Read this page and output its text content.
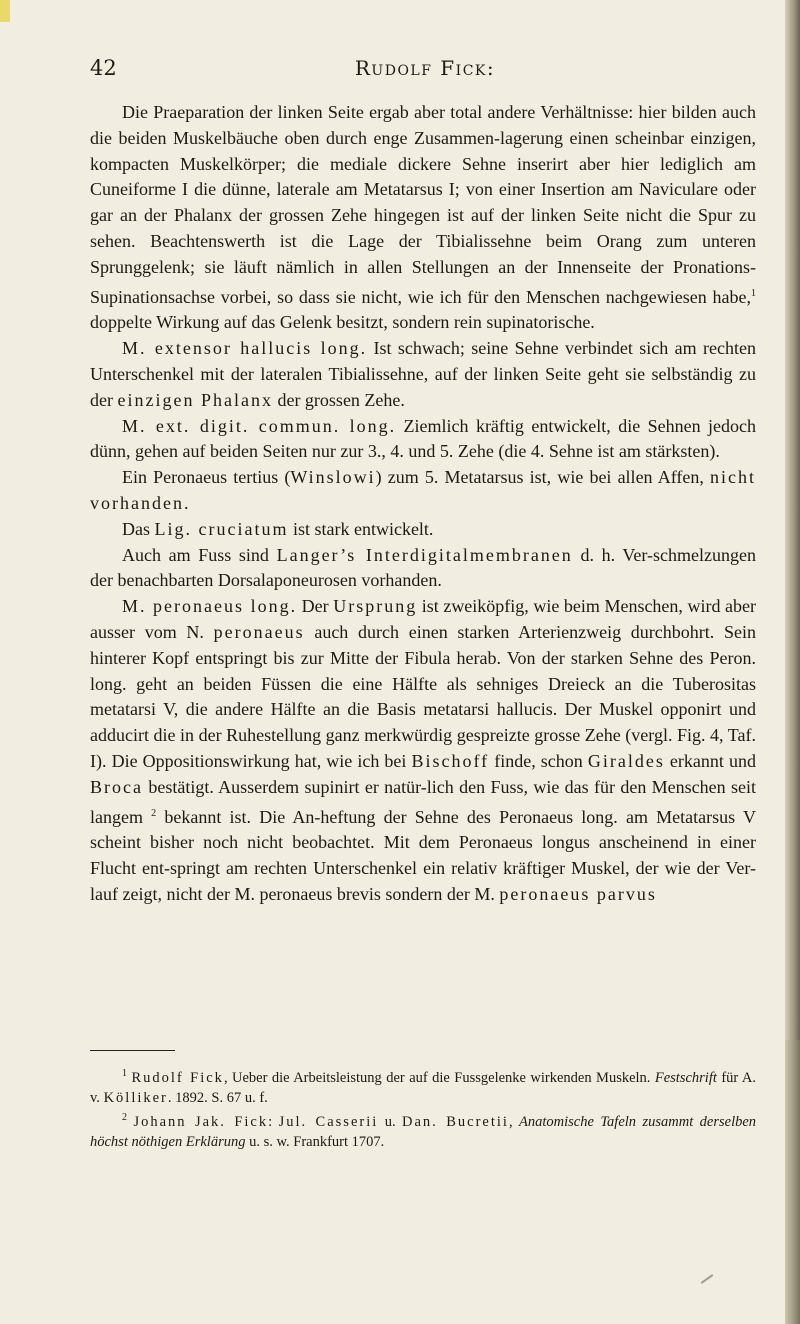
42	Rudolf Fick:

Die Praeparation der linken Seite ergab aber total andere Verhältnisse: hier bilden auch die beiden Muskelbäuche oben durch enge Zusammen-lagerung einen scheinbar einzigen, kompacten Muskelkörper; die mediale dickere Sehne inserirt aber hier lediglich am Cuneiforme I die dünne, laterale am Metatarsus I; von einer Insertion am Naviculare oder gar an der Phalanx der grossen Zehe hingegen ist auf der linken Seite nicht die Spur zu sehen. Beachtenswerth ist die Lage der Tibialissehne beim Orang zum unteren Sprunggelenk; sie läuft nämlich in allen Stellungen an der Innenseite der Pronations-Supinationsachse vorbei, so dass sie nicht, wie ich für den Menschen nachgewiesen habe,$^1$ doppelte Wirkung auf das Gelenk besitzt, sondern rein supinatorische.

M. extensor hallucis long. Ist schwach; seine Sehne verbindet sich am rechten Unterschenkel mit der lateralen Tibialissehne, auf der linken Seite geht sie selbständig zu der einzigen Phalanx der grossen Zehe.

M. ext. digit. commun. long. Ziemlich kräftig entwickelt, die Sehnen jedoch dünn, gehen auf beiden Seiten nur zur 3., 4. und 5. Zehe (die 4. Sehne ist am stärksten).

Ein Peronaeus tertius (Winslowi) zum 5. Metatarsus ist, wie bei allen Affen, nicht vorhanden.

Das Lig. cruciatum ist stark entwickelt.

Auch am Fuss sind Langer’s Interdigitalmembranen d. h. Ver-schmelzungen der benachbarten Dorsalaponeurosen vorhanden.

M. peronaeus long. Der Ursprung ist zweiköpfig, wie beim Menschen, wird aber ausser vom N. peronaeus auch durch einen starken Arterienzweig durchbohrt. Sein hinterer Kopf entspringt bis zur Mitte der Fibula herab. Von der starken Sehne des Peron. long. geht an beiden Füssen die eine Hälfte als sehniges Dreieck an die Tuberositas metatarsi V, die andere Hälfte an die Basis metatarsi hallucis. Der Muskel opponirt und adducirt die in der Ruhestellung ganz merkwürdig gespreizte grosse Zehe (vergl. Fig. 4, Taf. I). Die Oppositionswirkung hat, wie ich bei Bischoff finde, schon Giraldes erkannt und Broca bestätigt. Ausserdem supinirt er natür-lich den Fuss, wie das für den Menschen seit langem $^2$ bekannt ist. Die An-heftung der Sehne des Peronaeus long. am Metatarsus V scheint bisher noch nicht beobachtet. Mit dem Peronaeus longus anscheinend in einer Flucht ent-springt am rechten Unterschenkel ein relativ kräftiger Muskel, der wie der Ver-lauf zeigt, nicht der M. peronaeus brevis sondern der M. peronaeus parvus

$^1$ Rudolf Fick, Ueber die Arbeitsleistung der auf die Fussgelenke wirkenden Muskeln. Festschrift für A. v. Kölliker. 1892. S. 67 u. f.

$^2$ Johann Jak. Fick: Jul. Casserii u. Dan. Bucretii, Anatomische Tafeln zusammt derselben höchst nöthigen Erklärung u. s. w. Frankfurt 1707.
